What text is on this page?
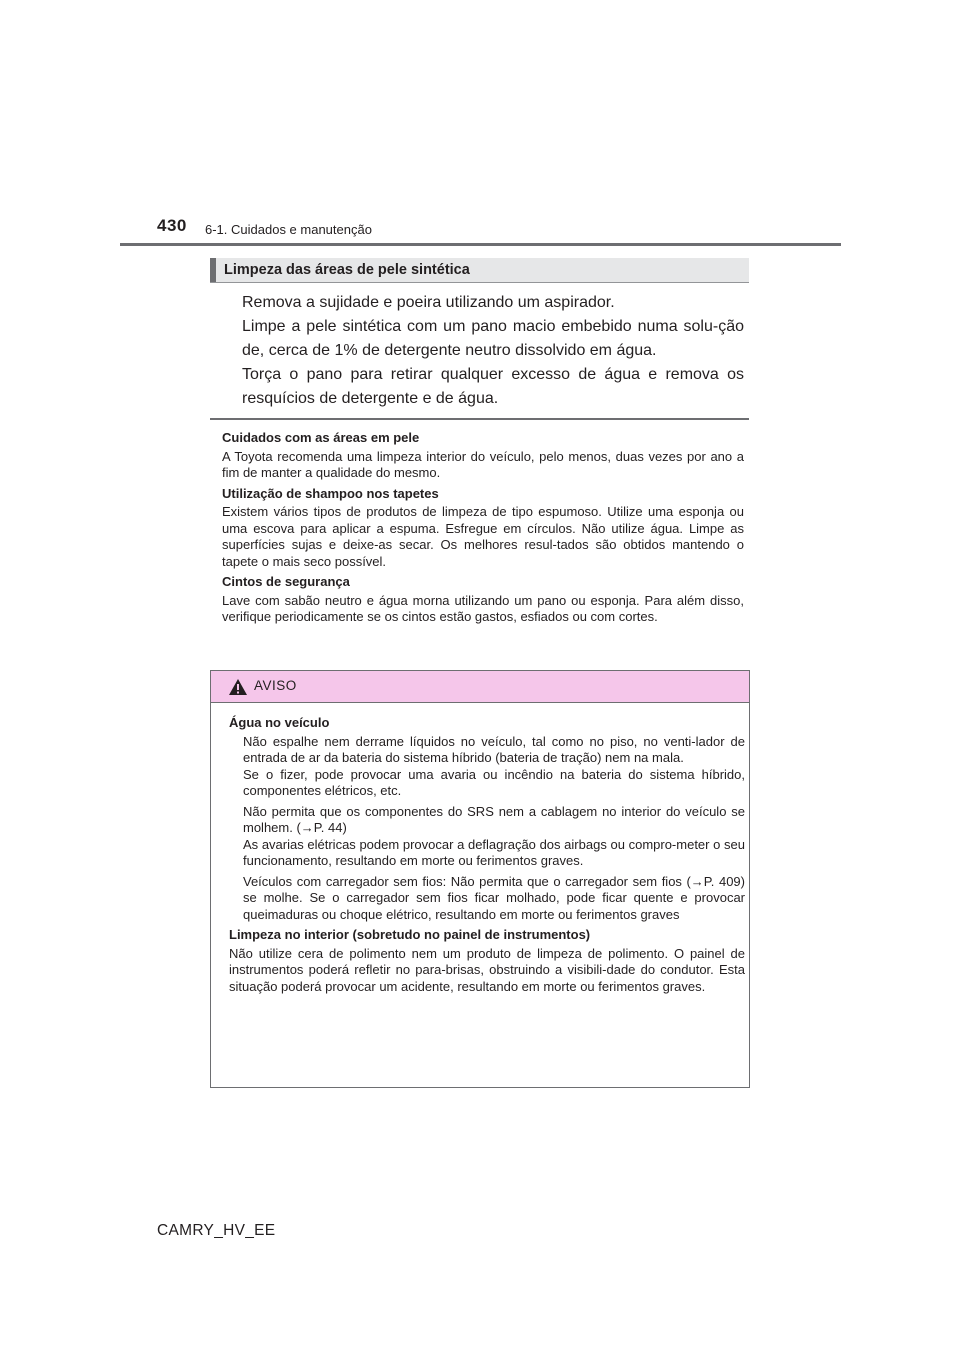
430 6-1. Cuidados e manutenção
Limpeza das áreas de pele sintética

Remova a sujidade e poeira utilizando um aspirador.

Limpe a pele sintética com um pano macio embebido numa solu-ção de, cerca de 1% de detergente neutro dissolvido em água.

Torça o pano para retirar qualquer excesso de água e remova os resquícios de detergente e de água.

Cuidados com as áreas em pele

A Toyota recomenda uma limpeza interior do veículo, pelo menos, duas vezes por ano a fim de manter a qualidade do mesmo.

Utilização de shampoo nos tapetes

Existem vários tipos de produtos de limpeza de tipo espumoso. Utilize uma esponja ou uma escova para aplicar a espuma. Esfregue em círculos. Não utilize água. Limpe as superfícies sujas e deixe-as secar. Os melhores resul-tados são obtidos mantendo o tapete o mais seco possível.

Cintos de segurança

Lave com sabão neutro e água morna utilizando um pano ou esponja. Para além disso, verifique periodicamente se os cintos estão gastos, esfiados ou com cortes.

AVISO

Água no veículo

Não espalhe nem derrame líquidos no veículo, tal como no piso, no venti-lador de entrada de ar da bateria do sistema híbrido (bateria de tração) nem na mala.
Se o fizer, pode provocar uma avaria ou incêndio na bateria do sistema híbrido, componentes elétricos, etc.

Não permita que os componentes do SRS nem a cablagem no interior do veículo se molhem. (→P. 44)
As avarias elétricas podem provocar a deflagração dos airbags ou compro-meter o seu funcionamento, resultando em morte ou ferimentos graves.

Veículos com carregador sem fios: Não permita que o carregador sem fios (→P. 409) se molhe. Se o carregador sem fios ficar molhado, pode ficar quente e provocar queimaduras ou choque elétrico, resultando em morte ou ferimentos graves

Limpeza no interior (sobretudo no painel de instrumentos)

Não utilize cera de polimento nem um produto de limpeza de polimento. O painel de instrumentos poderá refletir no para-brisas, obstruindo a visibili-dade do condutor. Esta situação poderá provocar um acidente, resultando em morte ou ferimentos graves.

CAMRY_HV_EE
